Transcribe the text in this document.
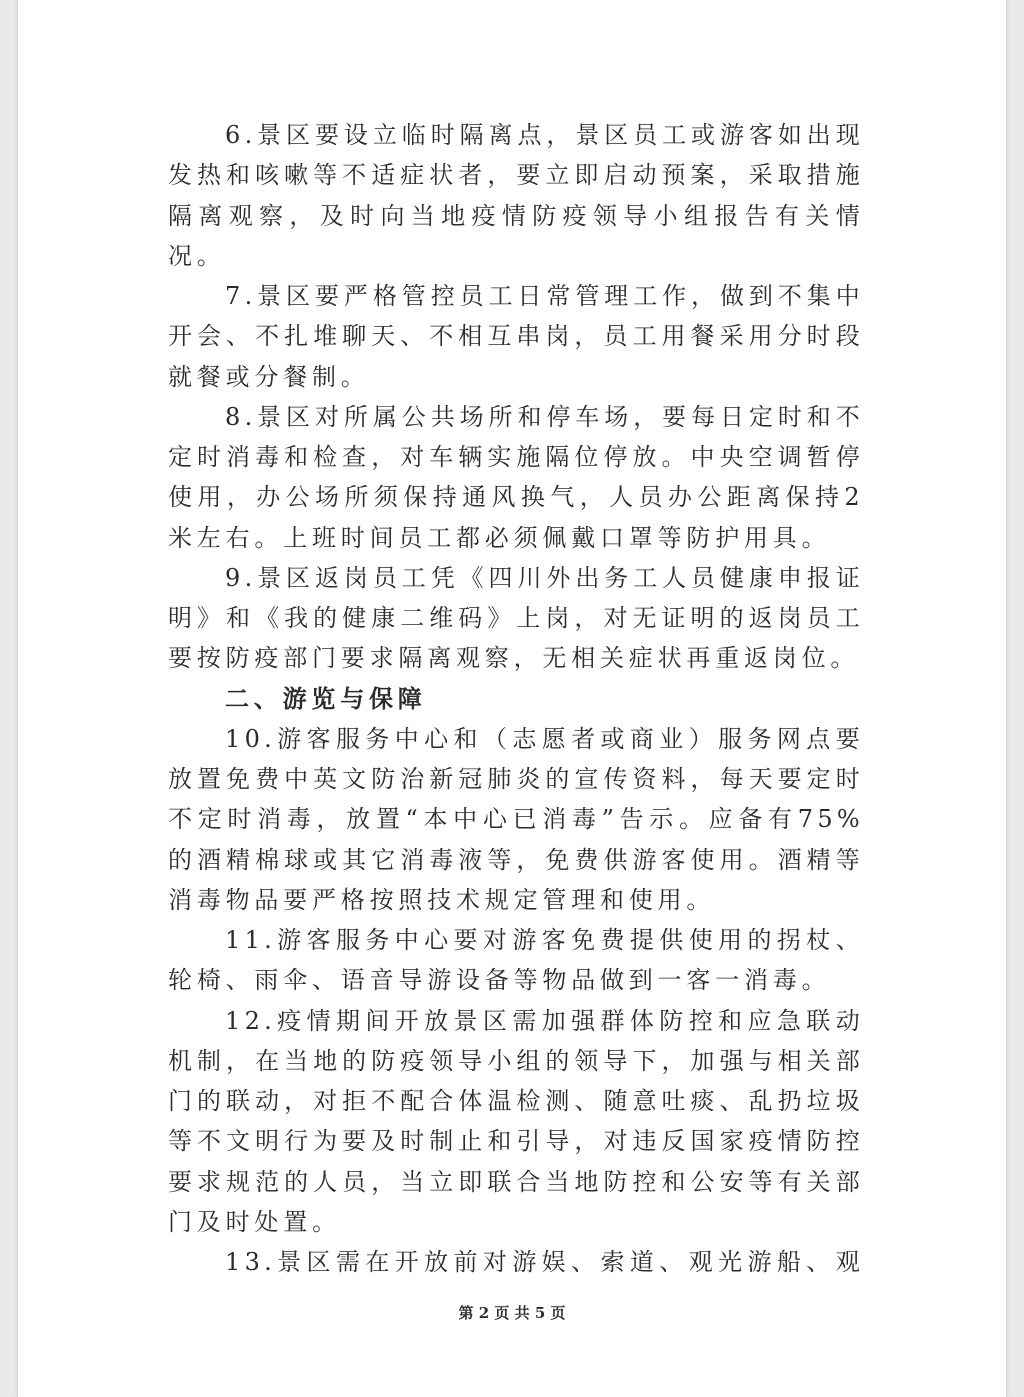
6.景区要设立临时隔离点，景区员工或游客如出现
发热和咳嗽等不适症状者，要立即启动预案，采取措施
隔离观察，及时向当地疫情防疫领导小组报告有关情
况。
7.景区要严格管控员工日常管理工作，做到不集中
开会、不扎堆聊天、不相互串岗，员工用餐采用分时段
就餐或分餐制。
8.景区对所属公共场所和停车场，要每日定时和不
定时消毒和检查，对车辆实施隔位停放。中央空调暂停
使用，办公场所须保持通风换气，人员办公距离保持2
米左右。上班时间员工都必须佩戴口罩等防护用具。
9.景区返岗员工凭《四川外出务工人员健康申报证
明》和《我的健康二维码》上岗，对无证明的返岗员工
要按防疫部门要求隔离观察，无相关症状再重返岗位。
二、游览与保障
10.游客服务中心和（志愿者或商业）服务网点要
放置免费中英文防治新冠肺炎的宣传资料，每天要定时
不定时消毒，放置“本中心已消毒”告示。应备有75%
的酒精棉球或其它消毒液等，免费供游客使用。酒精等
消毒物品要严格按照技术规定管理和使用。
11.游客服务中心要对游客免费提供使用的拐杖、
轮椅、雨伞、语音导游设备等物品做到一客一消毒。
12.疫情期间开放景区需加强群体防控和应急联动
机制，在当地的防疫领导小组的领导下，加强与相关部
门的联动，对拒不配合体温检测、随意吐痰、乱扔垃圾
等不文明行为要及时制止和引导，对违反国家疫情防控
要求规范的人员，当立即联合当地防控和公安等有关部
门及时处置。
13.景区需在开放前对游娱、索道、观光游船、观
第 2 页 共 5 页
